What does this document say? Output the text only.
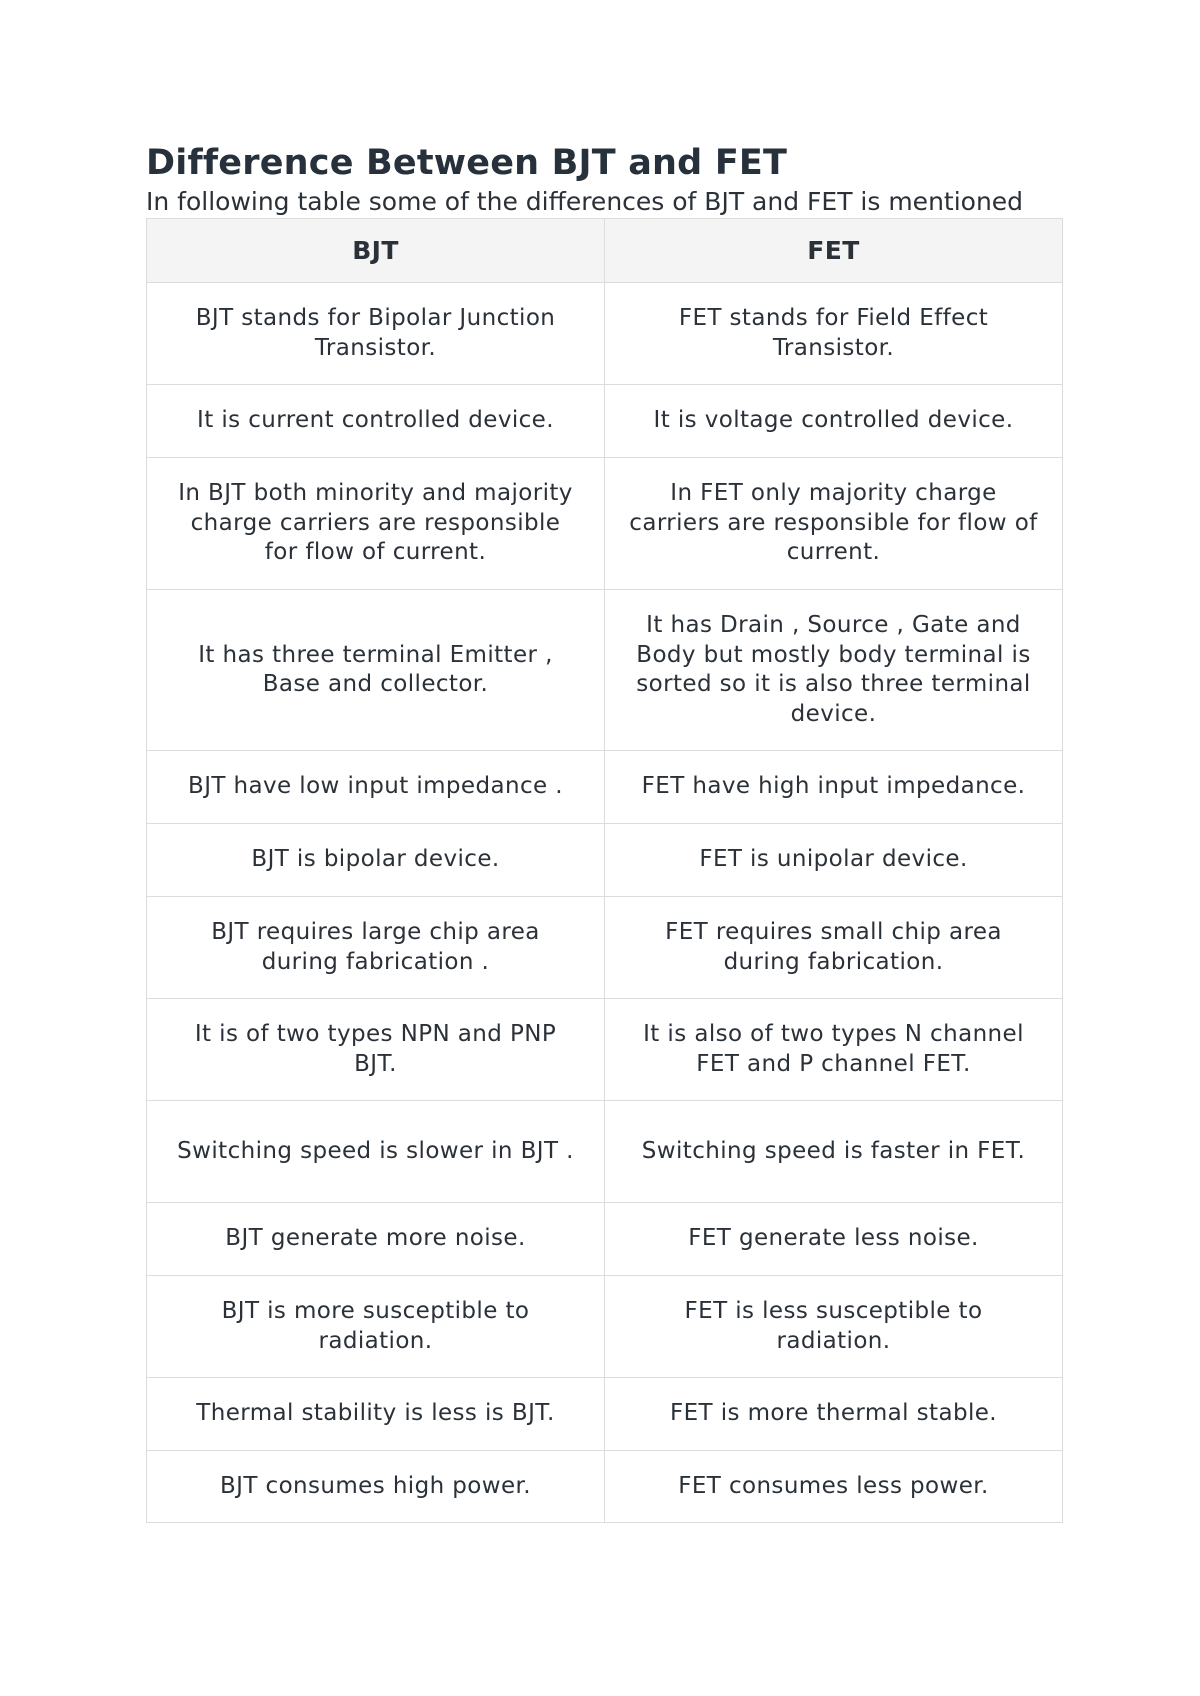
Difference Between BJT and FET

In following table some of the differences of BJT and FET is mentioned

BJT	FET
BJT stands for Bipolar Junction Transistor.	FET stands for Field Effect Transistor.
It is current controlled device.	It is voltage controlled device.
In BJT both minority and majority charge carriers are responsible for flow of current.	In FET only majority charge carriers are responsible for flow of current.
It has three terminal Emitter , Base and collector.	It has Drain , Source , Gate and Body but mostly body terminal is sorted so it is also three terminal device.
BJT have low input impedance .	FET have high input impedance.
BJT is bipolar device.	FET is unipolar device.
BJT requires large chip area during fabrication .	FET requires small chip area during fabrication.
It is of two types NPN and PNP BJT.	It is also of two types N channel FET and P channel FET.
Switching speed is slower in BJT .	Switching speed is faster in FET.
BJT generate more noise.	FET generate less noise.
BJT is more susceptible to radiation.	FET is less susceptible to radiation.
Thermal stability is less is BJT.	FET is more thermal stable.
BJT consumes high power.	FET consumes less power.
